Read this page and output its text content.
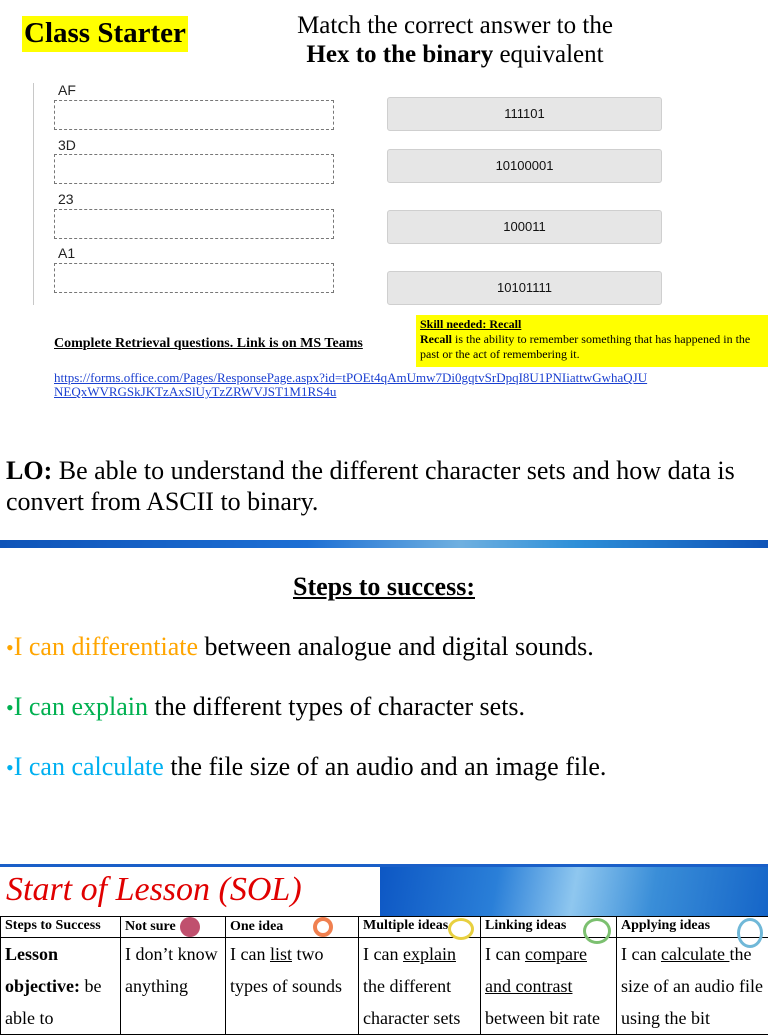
Class Starter	Match the correct answer to the
Hex to the binary equivalent
AF
3D
23
A1
111101
10100001
100011
10101111
Complete Retrieval questions. Link is on MS Teams
Skill needed: Recall
Recall is the ability to remember something that has happened in the past or the act of remembering it.
https://forms.office.com/Pages/ResponsePage.aspx?id=tPOEt4qAmUmw7Di0gqtvSrDpqI8U1PNIiattwGwhaQJUNEQxWVRGSkJKTzAxSlUyTzZRWVJST1M1RS4u
LO: Be able to understand the different character sets and how data is convert from ASCII to binary.
Steps to success:
•I can differentiate between analogue and digital sounds.
•I can explain the different types of character sets.
•I can calculate the file size of an audio and an image file.
Start of Lesson (SOL)
Steps to Success	Not sure	One idea	Multiple ideas	Linking ideas	Applying ideas
Lesson objective: be able to	I don’t know anything	I can list two types of sounds	I can explain the different character sets	I can compare and contrast between bit rate	I can calculate the size of an audio file using the bit
